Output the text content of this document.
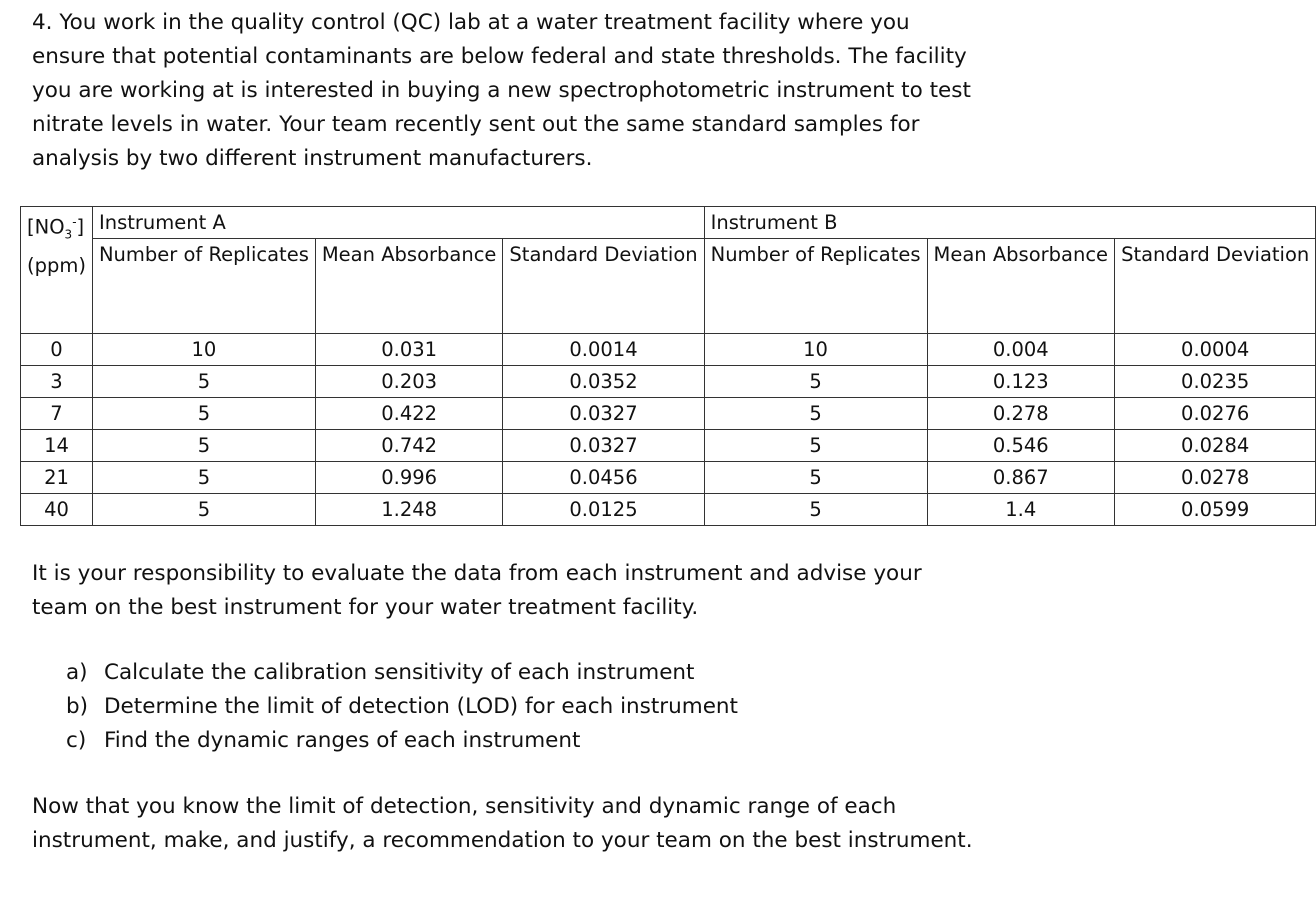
4. You work in the quality control (QC) lab at a water treatment facility where you ensure that potential contaminants are below federal and state thresholds. The facility you are working at is interested in buying a new spectrophotometric instrument to test nitrate levels in water. Your team recently sent out the same standard samples for analysis by two different instrument manufacturers.

$[NO_3^-]$
(ppm)	Instrument A			Instrument B		
	Number of Replicates	Mean Absorbance	Standard Deviation	Number of Replicates	Mean Absorbance	Standard Deviation
0	10	0.031	0.0014	10	0.004	0.0004
3	5	0.203	0.0352	5	0.123	0.0235
7	5	0.422	0.0327	5	0.278	0.0276
14	5	0.742	0.0327	5	0.546	0.0284
21	5	0.996	0.0456	5	0.867	0.0278
40	5	1.248	0.0125	5	1.4	0.0599

It is your responsibility to evaluate the data from each instrument and advise your team on the best instrument for your water treatment facility.

a) Calculate the calibration sensitivity of each instrument
b) Determine the limit of detection (LOD) for each instrument
c) Find the dynamic ranges of each instrument

Now that you know the limit of detection, sensitivity and dynamic range of each instrument, make, and justify, a recommendation to your team on the best instrument.
